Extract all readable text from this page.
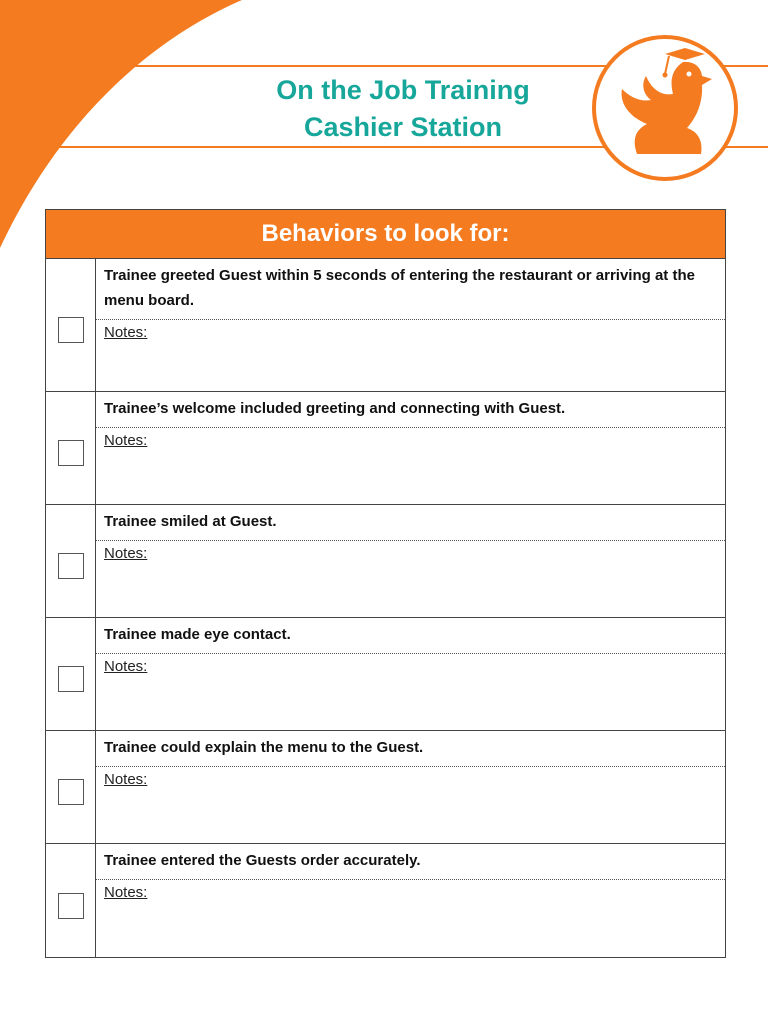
On the Job Training
Cashier Station
Behaviors to look for:
Trainee greeted Guest within 5 seconds of entering the restaurant or arriving at the menu board.
Notes:
Trainee’s welcome included greeting and connecting with Guest.
Notes:
Trainee smiled at Guest.
Notes:
Trainee made eye contact.
Notes:
Trainee could explain the menu to the Guest.
Notes:
Trainee entered the Guests order accurately.
Notes:
